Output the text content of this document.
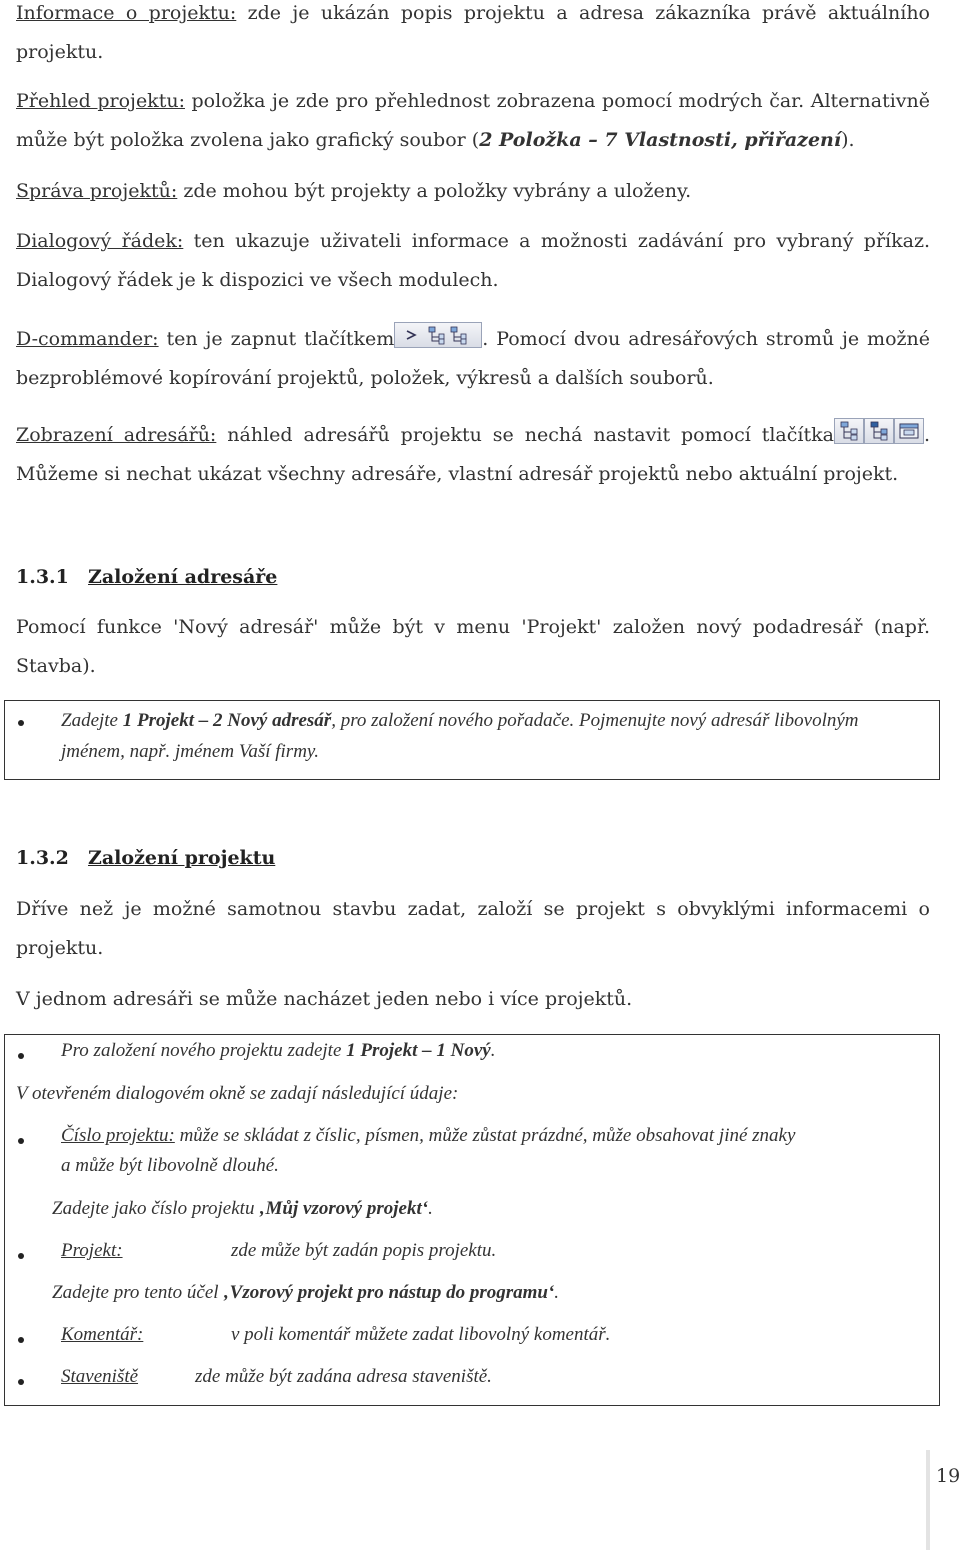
Informace o projektu: zde je ukázán popis projektu a adresa zákazníka právě aktuálního projektu.
Přehled projektu: položka je zde pro přehlednost zobrazena pomocí modrých čar. Alternativně může být položka zvolena jako grafický soubor (2 Položka – 7 Vlastnosti, přiřazení).
Správa projektů: zde mohou být projekty a položky vybrány a uloženy.
Dialogový řádek: ten ukazuje uživateli informace a možnosti zadávání pro vybraný příkaz. Dialogový řádek je k dispozici ve všech modulech.
D-commander: ten je zapnut tlačítkem	. Pomocí dvou adresářových stromů je možné bezproblémové kopírování projektů, položek, výkresů a dalších souborů.
Zobrazení adresářů: náhled adresářů projektu se nechá nastavit pomocí tlačítka	. Můžeme si nechat ukázat všechny adresáře, vlastní adresář projektů nebo aktuální projekt.
1.3.1 Založení adresáře
Pomocí funkce 'Nový adresář' může být v menu 'Projekt' založen nový podadresář (např. Stavba).
Zadejte 1 Projekt – 2 Nový adresář, pro založení nového pořadače. Pojmenujte nový adresář libovolným jménem, např. jménem Vaší firmy.
1.3.2 Založení projektu
Dříve než je možné samotnou stavbu zadat, založí se projekt s obvyklými informacemi o projektu.
V jednom adresáři se může nacházet jeden nebo i více projektů.
Pro založení nového projektu zadejte 1 Projekt – 1 Nový.
V otevřeném dialogovém okně se zadají následující údaje:
Číslo projektu: může se skládat z číslic, písmen, může zůstat prázdné, může obsahovat jiné znaky
a může být libovolně dlouhé.
Zadejte jako číslo projektu ‚Můj vzorový projekt‘.
Projekt:	zde může být zadán popis projektu.
Zadejte pro tento účel ‚Vzorový projekt pro nástup do programu‘.
Komentář:	v poli komentář můžete zadat libovolný komentář.
Staveniště	zde může být zadána adresa staveniště.
19
